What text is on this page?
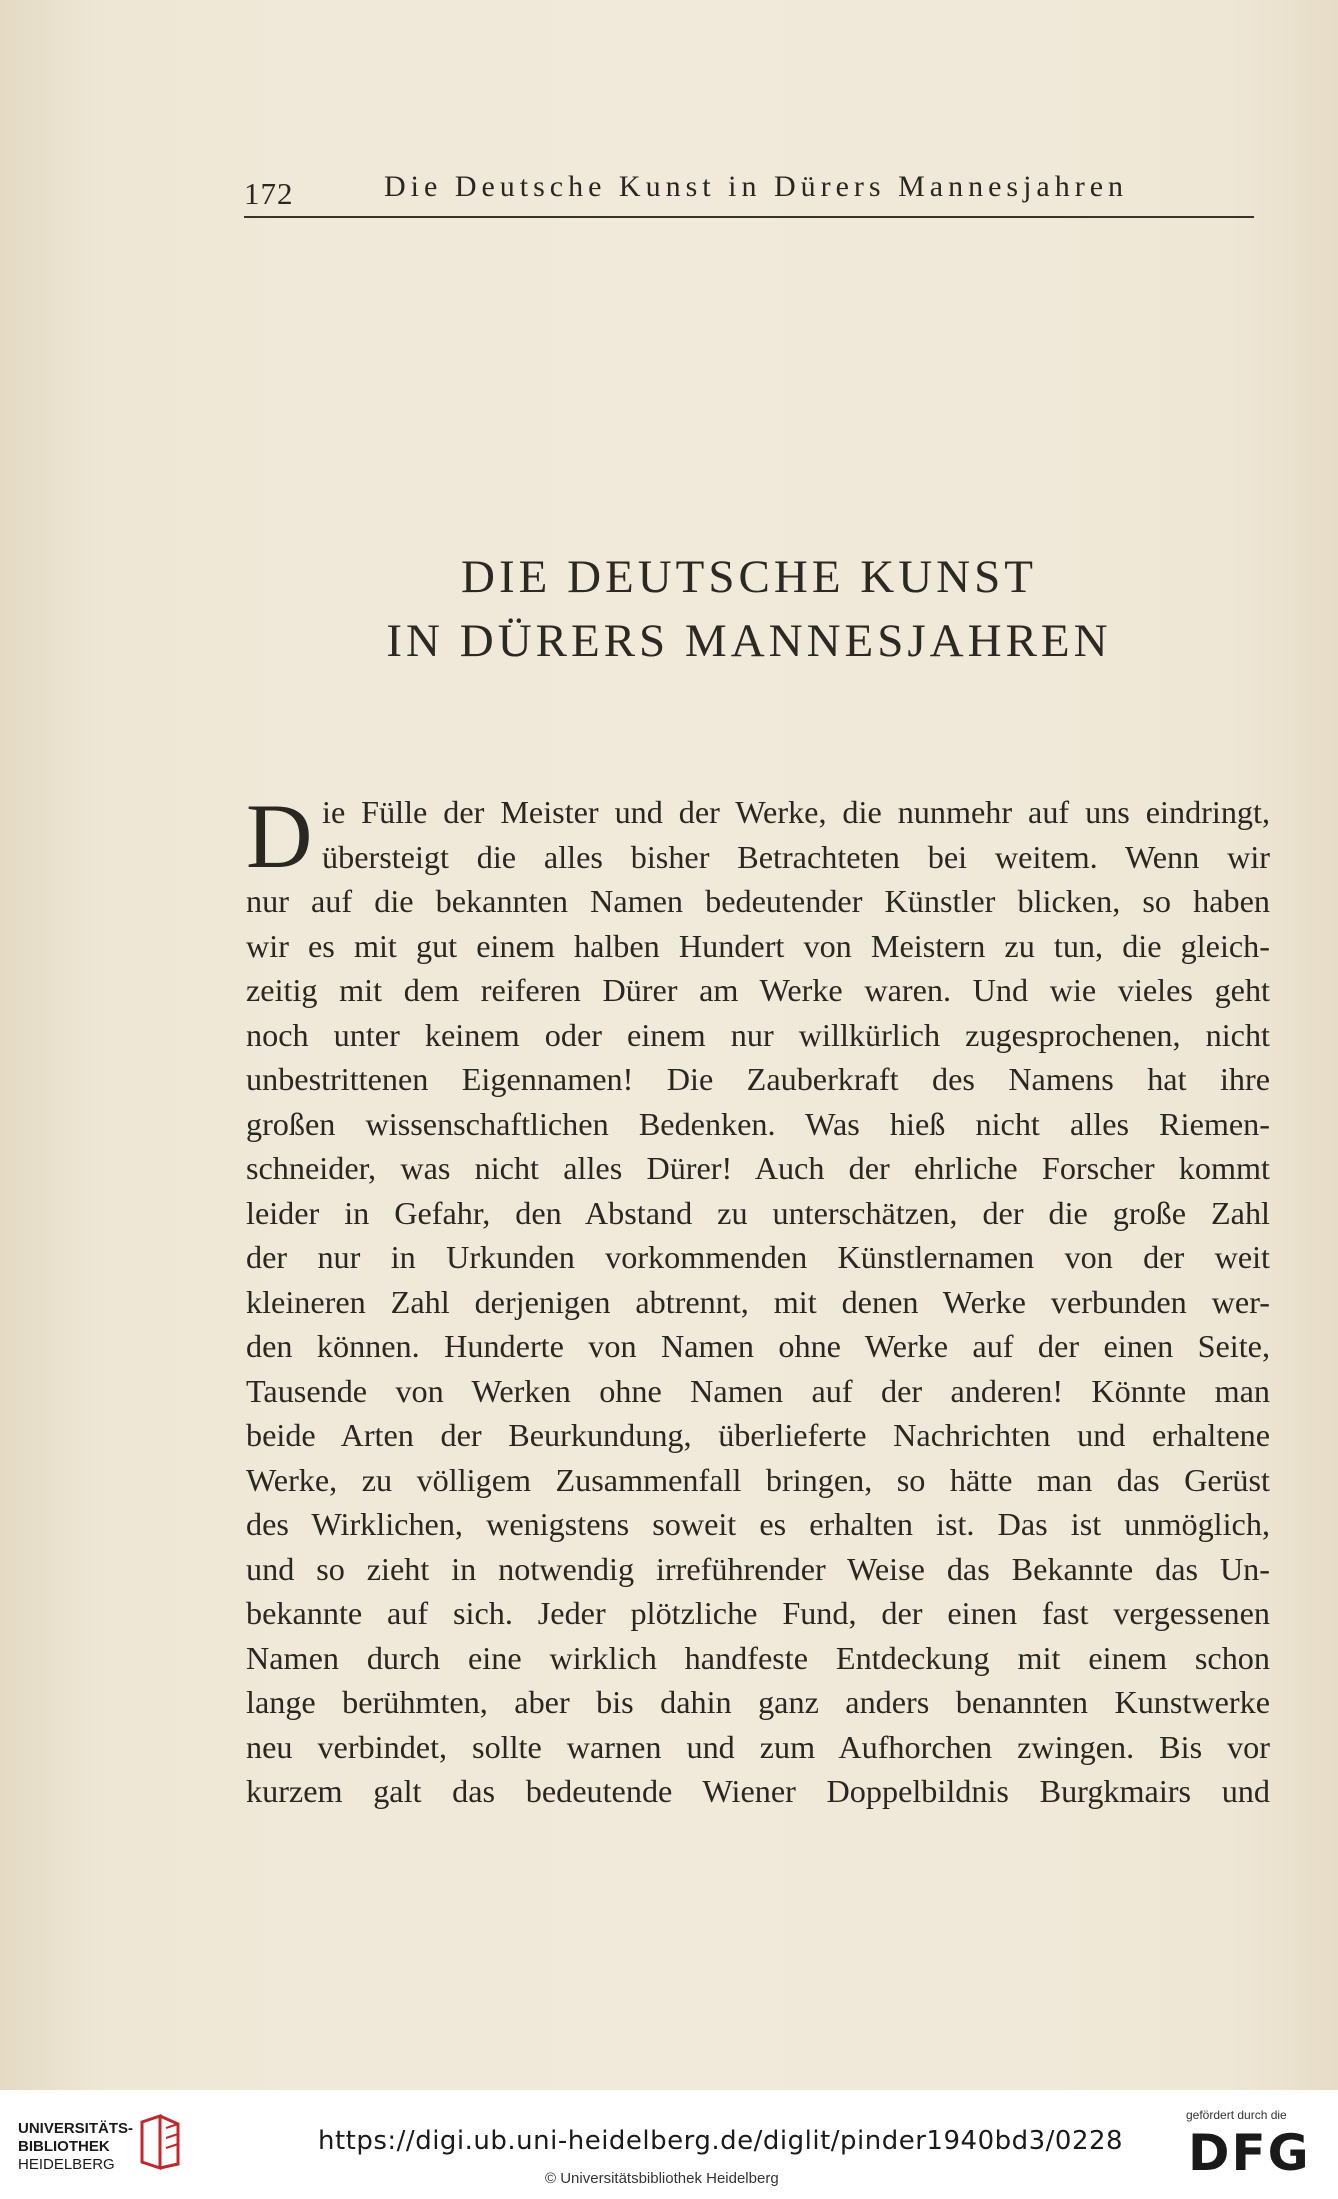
172	Die Deutsche Kunst in Dürers Mannesjahren
DIE DEUTSCHE KUNST
IN DÜRERS MANNESJAHREN
D ie Fülle der Meister und der Werke, die nunmehr auf uns eindringt,
übersteigt die alles bisher Betrachteten bei weitem. Wenn wir
nur auf die bekannten Namen bedeutender Künstler blicken, so haben
wir es mit gut einem halben Hundert von Meistern zu tun, die gleich-
zeitig mit dem reiferen Dürer am Werke waren. Und wie vieles geht
noch unter keinem oder einem nur willkürlich zugesprochenen, nicht
unbestrittenen Eigennamen! Die Zauberkraft des Namens hat ihre
großen wissenschaftlichen Bedenken. Was hieß nicht alles Riemen-
schneider, was nicht alles Dürer! Auch der ehrliche Forscher kommt
leider in Gefahr, den Abstand zu unterschätzen, der die große Zahl
der nur in Urkunden vorkommenden Künstlernamen von der weit
kleineren Zahl derjenigen abtrennt, mit denen Werke verbunden wer-
den können. Hunderte von Namen ohne Werke auf der einen Seite,
Tausende von Werken ohne Namen auf der anderen! Könnte man
beide Arten der Beurkundung, überlieferte Nachrichten und erhaltene
Werke, zu völligem Zusammenfall bringen, so hätte man das Gerüst
des Wirklichen, wenigstens soweit es erhalten ist. Das ist unmöglich,
und so zieht in notwendig irreführender Weise das Bekannte das Un-
bekannte auf sich. Jeder plötzliche Fund, der einen fast vergessenen
Namen durch eine wirklich handfeste Entdeckung mit einem schon
lange berühmten, aber bis dahin ganz anders benannten Kunstwerke
neu verbindet, sollte warnen und zum Aufhorchen zwingen. Bis vor
kurzem galt das bedeutende Wiener Doppelbildnis Burgkmairs und
UNIVERSITÄTS-
BIBLIOTHEK
HEIDELBERG
https://digi.ub.uni-heidelberg.de/diglit/pinder1940bd3/0228
© Universitätsbibliothek Heidelberg
gefördert durch die
DFG
